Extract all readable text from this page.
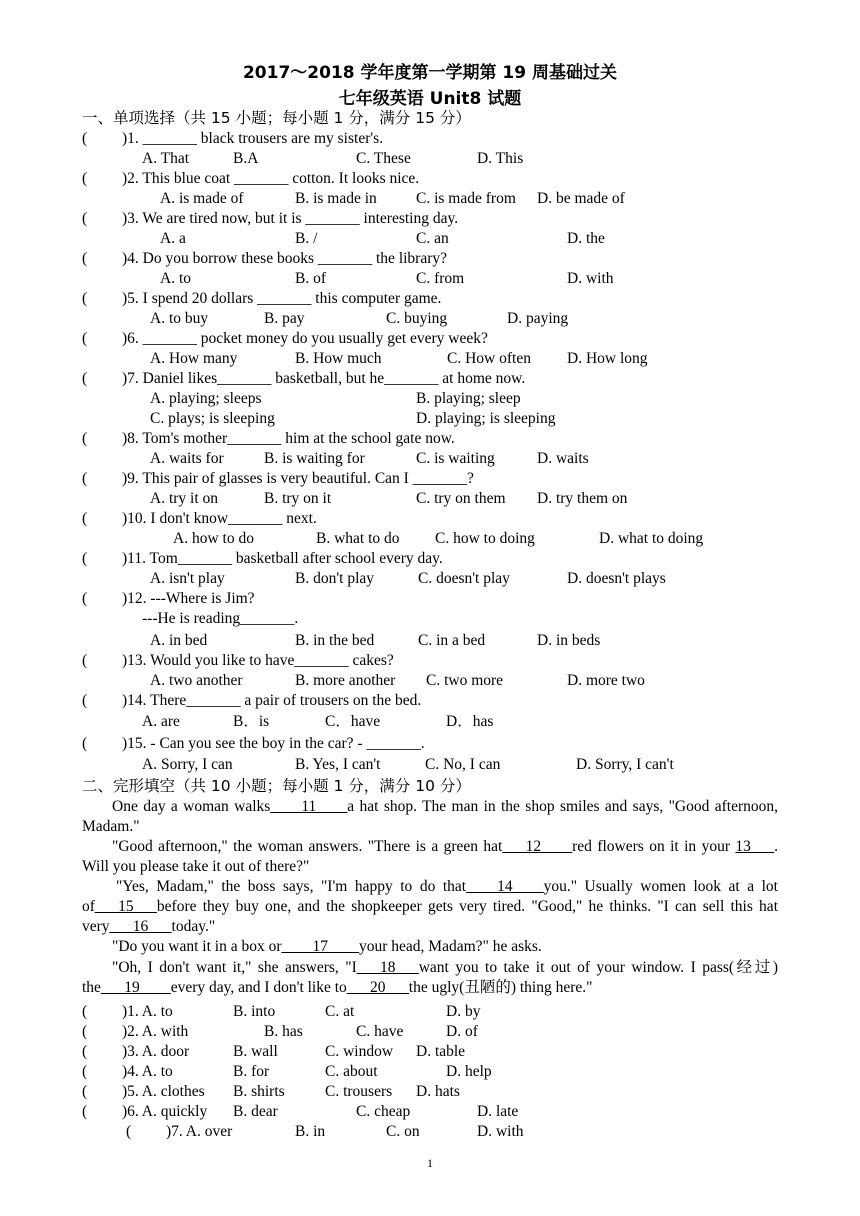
2017～2018 学年度第一学期第 19 周基础过关
七年级英语 Unit8 试题
一、单项选择（共 15 小题；每小题 1 分，满分 15 分）
( )1. _______ black trousers are my sister's.
A. That	B.A	C. These	D. This
( )2. This blue coat _______ cotton. It looks nice.
A. is made of	B. is made in	C. is made from D. be made of
( )3. We are tired now, but it is _______ interesting day.
A. a	B. /	C. an	D. the
( )4. Do you borrow these books _______ the library?
A. to	B. of	C. from	D. with
( )5. I spend 20 dollars _______ this computer game.
A. to buy	B. pay	C. buying	D. paying
( )6. _______ pocket money do you usually get every week?
A. How many	B. How much	C. How often D. How long
( )7. Daniel likes_______ basketball, but he_______ at home now.
A. playing; sleeps	B. playing; sleep
C. plays; is sleeping	D. playing; is sleeping
( )8. Tom's mother_______ him at the school gate now.
A. waits for	B. is waiting for	C. is waiting	D. waits
( )9. This pair of glasses is very beautiful. Can I _______?
A. try it on	B. try on it	C. try on them D. try them on
( )10. I don't know_______ next.
A. how to do	B. what to do C. how to doing	D. what to doing
( )11. Tom_______ basketball after school every day.
A. isn't play	B. don't play	C. doesn't play	D. doesn't plays
( )12. ---Where is Jim?
---He is reading_______.
A. in bed	B. in the bed	C. in a bed	D. in beds
( )13. Would you like to have_______ cakes?
A. two another	B. more another C. two more	D. more two
( )14. There_______ a pair of trousers on the bed.
A. are	B．is	C．have	D．has
( )15. - Can you see the boy in the car? - _______.
A. Sorry, I can	B. Yes, I can't	C. No, I can	D. Sorry, I can't
二、完形填空（共 10 小题；每小题 1 分，满分 10 分）
One day a woman walks____11____a hat shop. The man in the shop smiles and says, "Good afternoon, Madam."
"Good afternoon," the woman answers. "There is a green hat___12____red flowers on it in your 13___. Will you please take it out of there?"
"Yes, Madam," the boss says, "I'm happy to do that____14____you." Usually women look at a lot of___15___before they buy one, and the shopkeeper gets very tired. "Good," he thinks. "I can sell this hat very___16___today."
"Do you want it in a box or____17____your head, Madam?" he asks.
"Oh, I don't want it," she answers, "I___18___want you to take it out of your window. I pass(经过) the___19____every day, and I don't like to___20___the ugly(丑陋的) thing here."
( )1. A. to	B. into	C. at	D. by
( )2. A. with	B. has	C. have	D. of
( )3. A. door	B. wall	C. window D. table
( )4. A. to	B. for	C. about	D. help
( )5. A. clothes B. shirts	C. trousers D. hats
( )6. A. quickly B. dear	C. cheap	D. late
( )7. A. over	B. in	C. on	D. with
1
